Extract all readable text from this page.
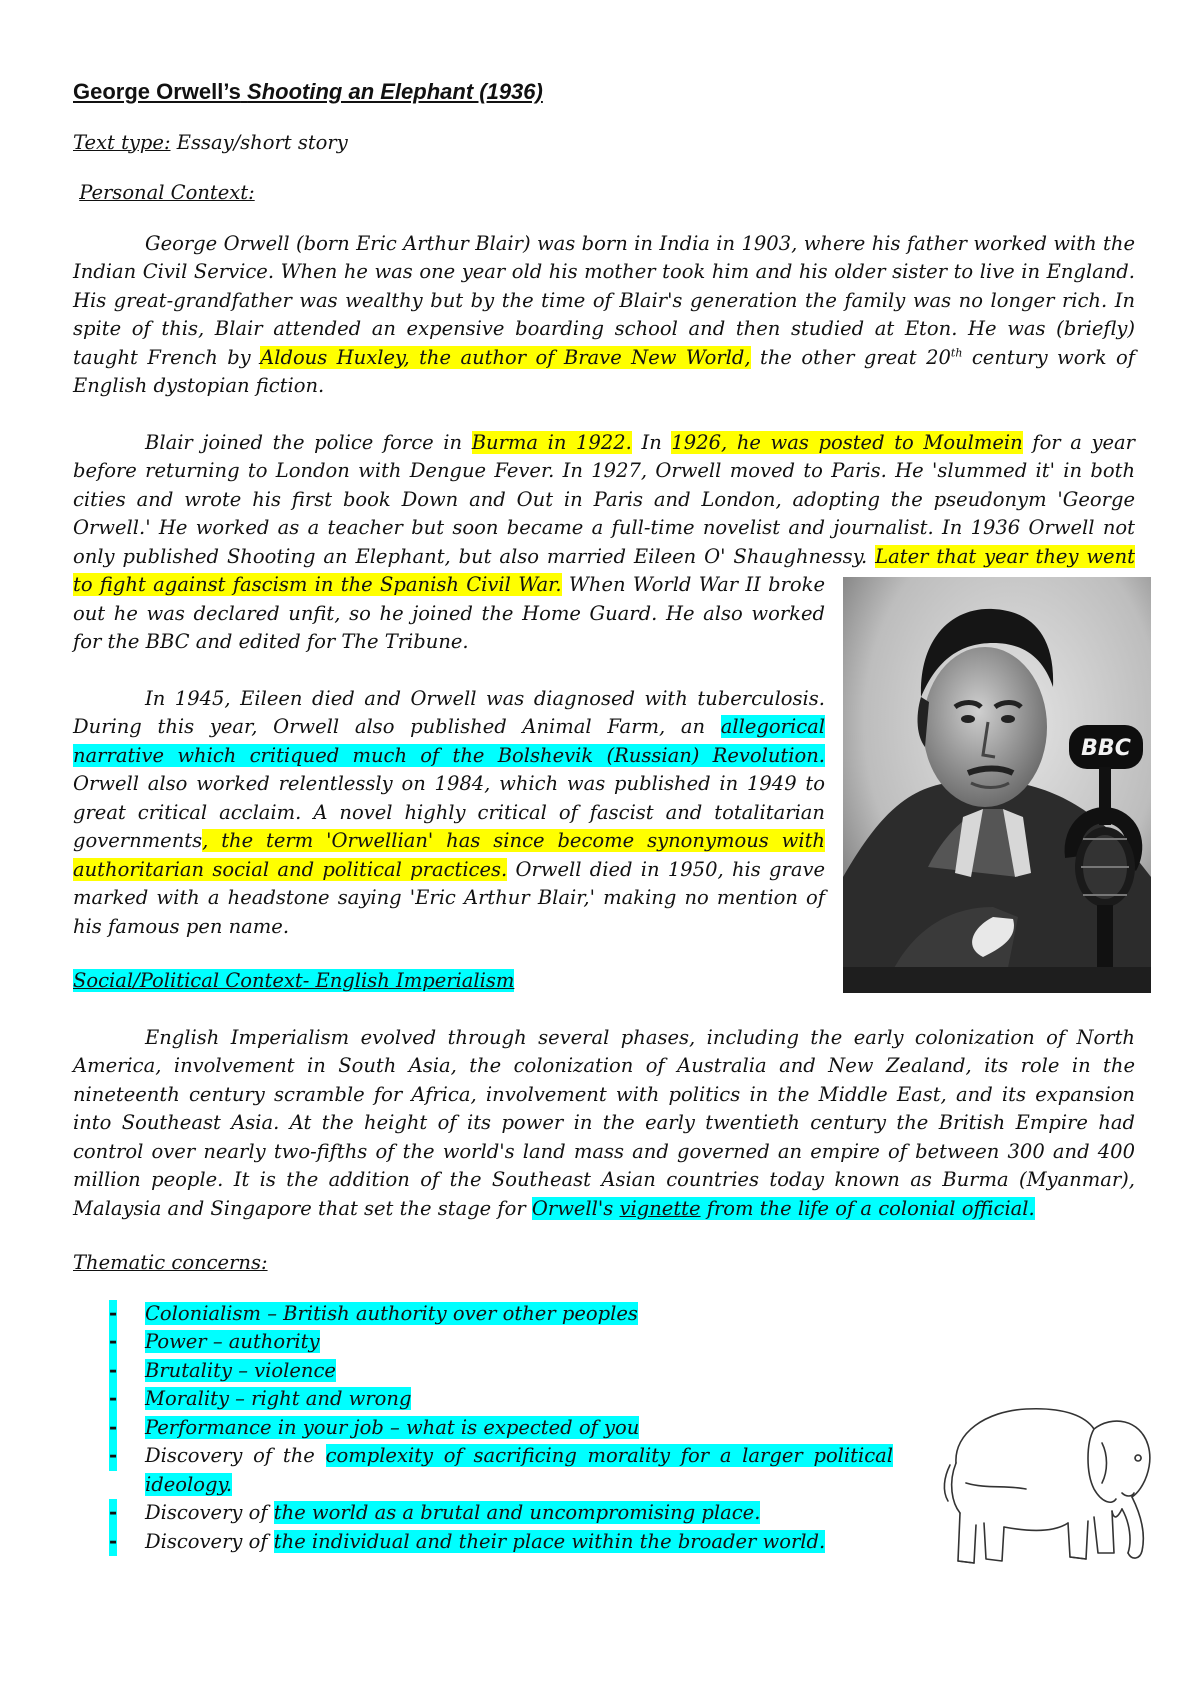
George Orwell’s Shooting an Elephant (1936)

Text type: Essay/short story

Personal Context:

George Orwell (born Eric Arthur Blair) was born in India in 1903, where his father worked with the Indian Civil Service. When he was one year old his mother took him and his older sister to live in England. His great-grandfather was wealthy but by the time of Blair's generation the family was no longer rich. In spite of this, Blair attended an expensive boarding school and then studied at Eton. He was (briefly) taught French by Aldous Huxley, the author of Brave New World, the other great 20th century work of English dystopian fiction.

Blair joined the police force in Burma in 1922. In 1926, he was posted to Moulmein for a year before returning to London with Dengue Fever. In 1927, Orwell moved to Paris. He 'slummed it' in both cities and wrote his first book Down and Out in Paris and London, adopting the pseudonym 'George Orwell.' He worked as a teacher but soon became a full-time novelist and journalist. In 1936 Orwell not only published Shooting an Elephant, but also married Eileen O' Shaughnessy. Later that year they went to fight against fascism in the Spanish Civil War.
BBC
When World War II broke out he was declared unfit, so he joined the Home Guard. He also worked for the BBC and edited for The Tribune.

In 1945, Eileen died and Orwell was diagnosed with tuberculosis. During this year, Orwell also published Animal Farm, an allegorical narrative which critiqued much of the Bolshevik (Russian) Revolution. Orwell also worked relentlessly on 1984, which was published in 1949 to great critical acclaim. A novel highly critical of fascist and totalitarian governments, the term 'Orwellian' has since become synonymous with authoritarian social and political practices. Orwell died in 1950, his grave marked with a headstone saying 'Eric Arthur Blair,' making no mention of his famous pen name.

Social/Political Context- English Imperialism

English Imperialism evolved through several phases, including the early colonization of North America, involvement in South Asia, the colonization of Australia and New Zealand, its role in the nineteenth century scramble for Africa, involvement with politics in the Middle East, and its expansion into Southeast Asia. At the height of its power in the early twentieth century the British Empire had control over nearly two-fifths of the world's land mass and governed an empire of between 300 and 400 million people. It is the addition of the Southeast Asian countries today known as Burma (Myanmar), Malaysia and Singapore that set the stage for Orwell's vignette from the life of a colonial official.

Thematic concerns:

- Colonialism – British authority over other peoples
- Power – authority
- Brutality – violence
- Morality – right and wrong
- Performance in your job – what is expected of you
- Discovery of the complexity of sacrificing morality for a larger political ideology.
- Discovery of the world as a brutal and uncompromising place.
- Discovery of the individual and their place within the broader world.
